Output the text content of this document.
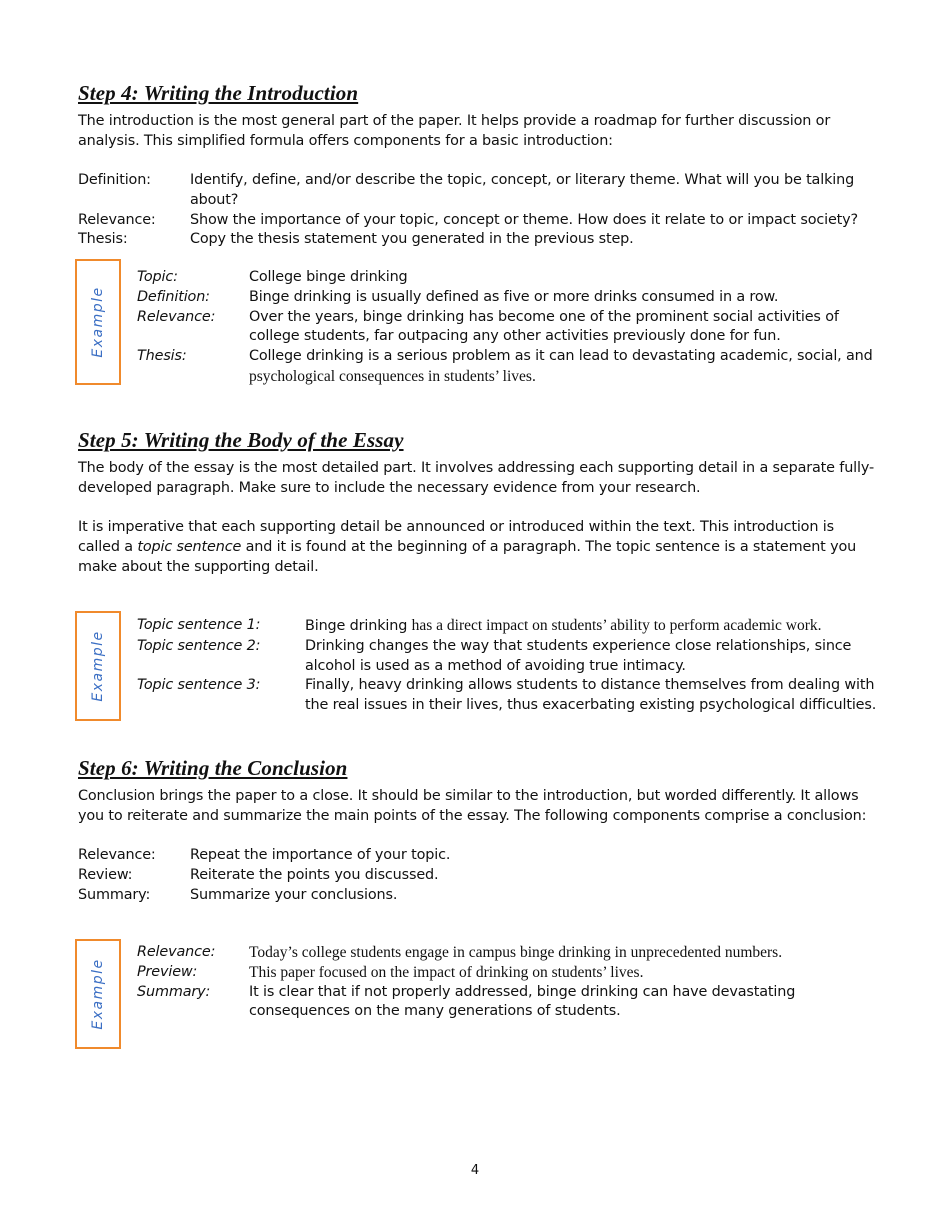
Step 4: Writing the Introduction

The introduction is the most general part of the paper. It helps provide a roadmap for further discussion or analysis. This simplified formula offers components for a basic introduction:

Definition:	Identify, define, and/or describe the topic, concept, or literary theme. What will you be talking about?
Relevance:	Show the importance of your topic, concept or theme. How does it relate to or impact society?
Thesis:	Copy the thesis statement you generated in the previous step.
Example
Topic:	College binge drinking
Definition:	Binge drinking is usually defined as five or more drinks consumed in a row.
Relevance:	Over the years, binge drinking has become one of the prominent social activities of college students, far outpacing any other activities previously done for fun.
Thesis:	College drinking is a serious problem as it can lead to devastating academic, social, and psychological consequences in students’ lives.
Step 5: Writing the Body of the Essay

The body of the essay is the most detailed part. It involves addressing each supporting detail in a separate fully-developed paragraph. Make sure to include the necessary evidence from your research.

It is imperative that each supporting detail be announced or introduced within the text. This introduction is called a topic sentence and it is found at the beginning of a paragraph. The topic sentence is a statement you make about the supporting detail.

Example
Topic sentence 1:	Binge drinking has a direct impact on students’ ability to perform academic work.
Topic sentence 2:	Drinking changes the way that students experience close relationships, since alcohol is used as a method of avoiding true intimacy.
Topic sentence 3:	Finally, heavy drinking allows students to distance themselves from dealing with the real issues in their lives, thus exacerbating existing psychological difficulties.
Step 6: Writing the Conclusion

Conclusion brings the paper to a close. It should be similar to the introduction, but worded differently. It allows you to reiterate and summarize the main points of the essay. The following components comprise a conclusion:

Relevance:	Repeat the importance of your topic.
Review:	Reiterate the points you discussed.
Summary:	Summarize your conclusions.
Example
Relevance:	Today’s college students engage in campus binge drinking in unprecedented numbers.
Preview:	This paper focused on the impact of drinking on students’ lives.
Summary:	It is clear that if not properly addressed, binge drinking can have devastating consequences on the many generations of students.
4
